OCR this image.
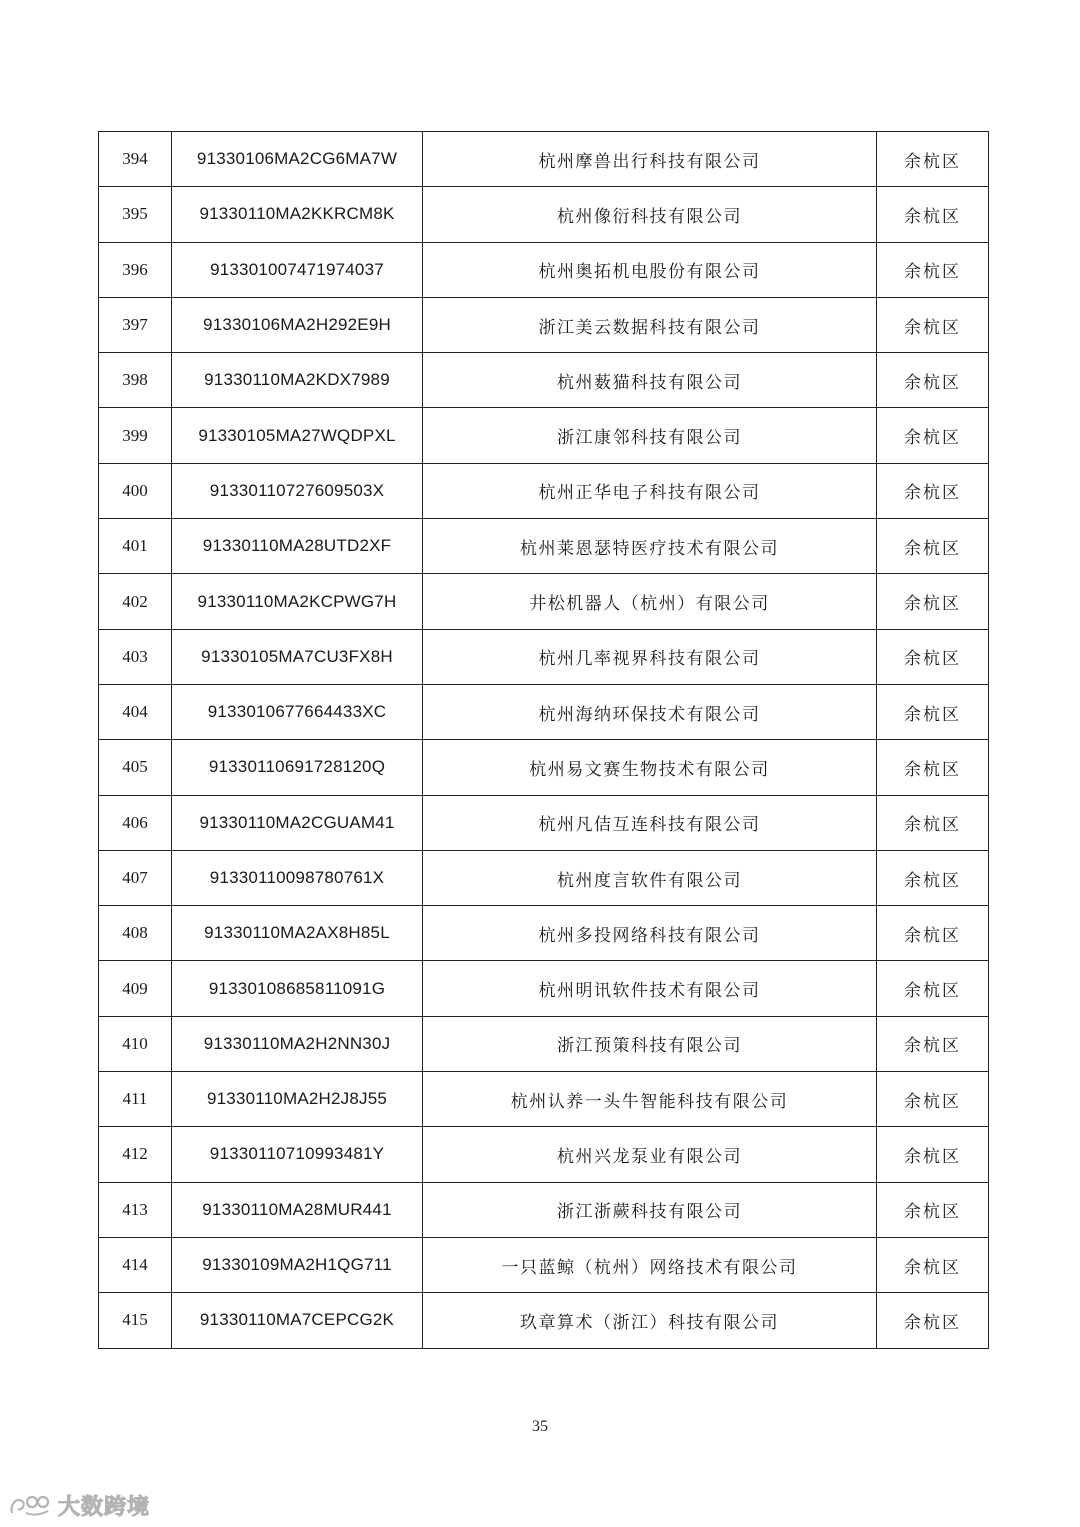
394	91330106MA2CG6MA7W	杭州摩兽出行科技有限公司	余杭区
395	91330110MA2KKRCM8K	杭州像衍科技有限公司	余杭区
396	913301007471974037	杭州奥拓机电股份有限公司	余杭区
397	91330106MA2H292E9H	浙江美云数据科技有限公司	余杭区
398	91330110MA2KDX7989	杭州薮猫科技有限公司	余杭区
399	91330105MA27WQDPXL	浙江康邻科技有限公司	余杭区
400	91330110727609503X	杭州正华电子科技有限公司	余杭区
401	91330110MA28UTD2XF	杭州莱恩瑟特医疗技术有限公司	余杭区
402	91330110MA2KCPWG7H	井松机器人（杭州）有限公司	余杭区
403	91330105MA7CU3FX8H	杭州几率视界科技有限公司	余杭区
404	9133010677664433XC	杭州海纳环保技术有限公司	余杭区
405	91330110691728120Q	杭州易文赛生物技术有限公司	余杭区
406	91330110MA2CGUAM41	杭州凡佶互连科技有限公司	余杭区
407	91330110098780761X	杭州度言软件有限公司	余杭区
408	91330110MA2AX8H85L	杭州多投网络科技有限公司	余杭区
409	91330108685811091G	杭州明讯软件技术有限公司	余杭区
410	91330110MA2H2NN30J	浙江预策科技有限公司	余杭区
411	91330110MA2H2J8J55	杭州认养一头牛智能科技有限公司	余杭区
412	91330110710993481Y	杭州兴龙泵业有限公司	余杭区
413	91330110MA28MUR441	浙江浙蕨科技有限公司	余杭区
414	91330109MA2H1QG711	一只蓝鲸（杭州）网络技术有限公司	余杭区
415	91330110MA7CEPCG2K	玖章算术（浙江）科技有限公司	余杭区
35
大数跨境
